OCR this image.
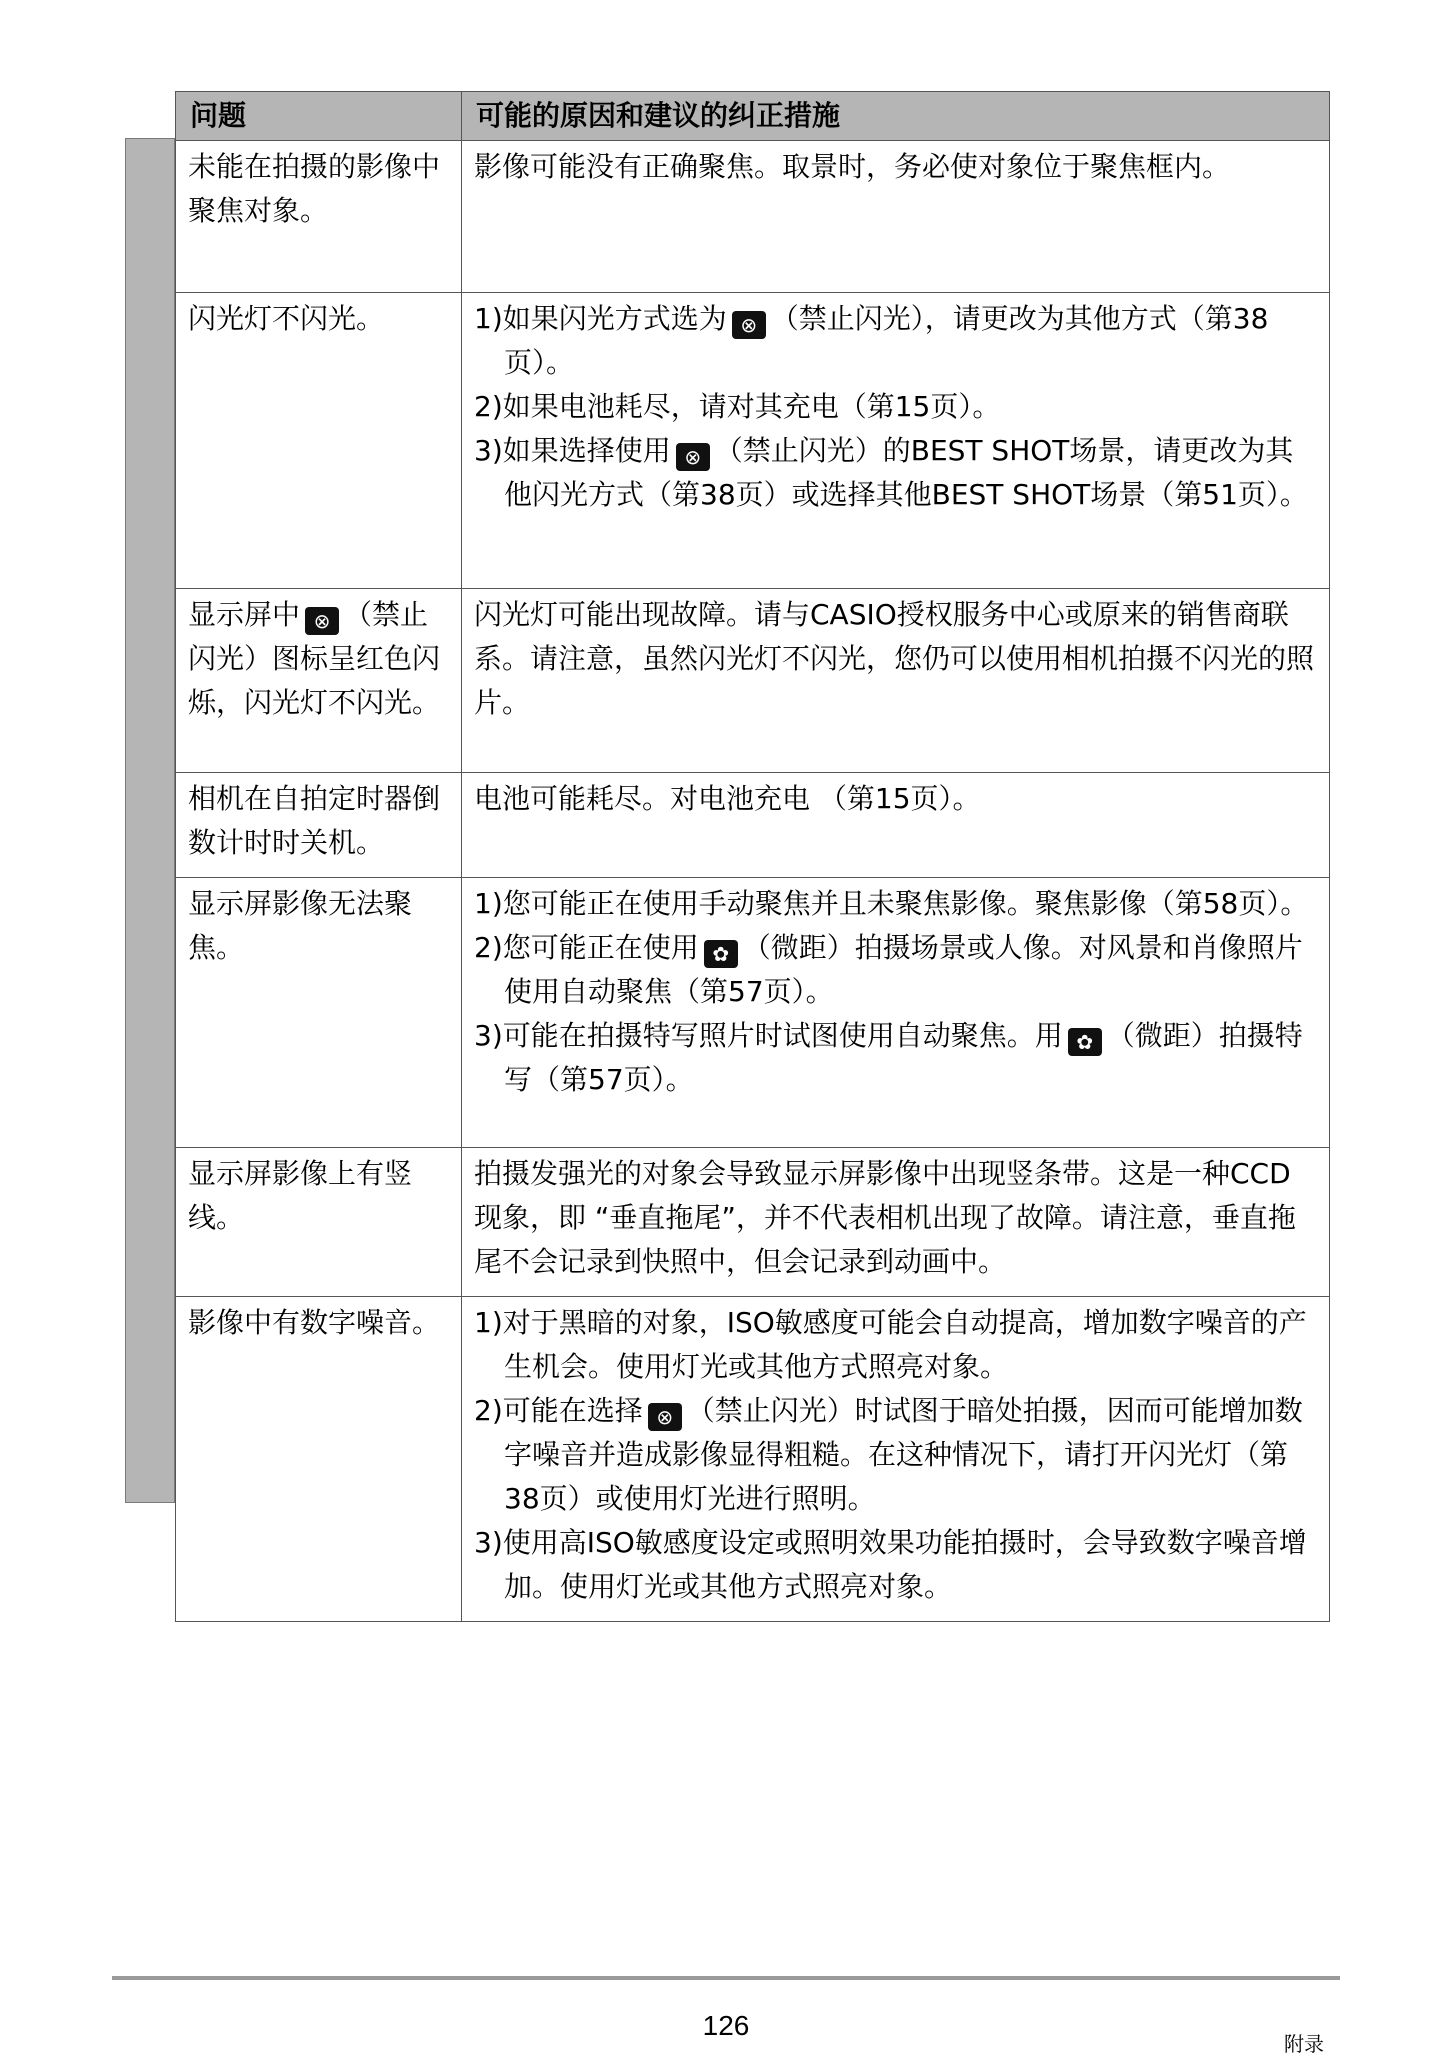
问题	可能的原因和建议的纠正措施
未能在拍摄的影像中聚焦对象。	影像可能没有正确聚焦。取景时，务必使对象位于聚焦框内。

闪光灯不闪光。	1)如果闪光方式选为 ⊗ （禁止闪光），请更改为其他方式（第38页）。
2)如果电池耗尽，请对其充电（第15页）。
3)如果选择使用 ⊗ （禁止闪光）的BEST SHOT场景，请更改为其他闪光方式（第38页）或选择其他BEST SHOT场景（第51页）。

显示屏中 ⊗ （禁止闪光）图标呈红色闪烁，闪光灯不闪光。	闪光灯可能出现故障。请与CASIO授权服务中心或原来的销售商联系。请注意，虽然闪光灯不闪光，您仍可以使用相机拍摄不闪光的照片。

相机在自拍定时器倒数计时时关机。	电池可能耗尽。对电池充电 （第15页）。

显示屏影像无法聚焦。	1)您可能正在使用手动聚焦并且未聚焦影像。聚焦影像（第58页）。
2)您可能正在使用 ✿ （微距）拍摄场景或人像。对风景和肖像照片使用自动聚焦（第57页）。
3)可能在拍摄特写照片时试图使用自动聚焦。用 ✿ （微距）拍摄特写（第57页）。

显示屏影像上有竖线。	拍摄发强光的对象会导致显示屏影像中出现竖条带。这是一种CCD现象，即 “垂直拖尾”，并不代表相机出现了故障。请注意，垂直拖尾不会记录到快照中，但会记录到动画中。

影像中有数字噪音。	1)对于黑暗的对象，ISO敏感度可能会自动提高，增加数字噪音的产生机会。使用灯光或其他方式照亮对象。
2)可能在选择 ⊗ （禁止闪光）时试图于暗处拍摄，因而可能增加数字噪音并造成影像显得粗糙。在这种情况下，请打开闪光灯（第38页）或使用灯光进行照明。
3)使用高ISO敏感度设定或照明效果功能拍摄时，会导致数字噪音增加。使用灯光或其他方式照亮对象。
126
附录
